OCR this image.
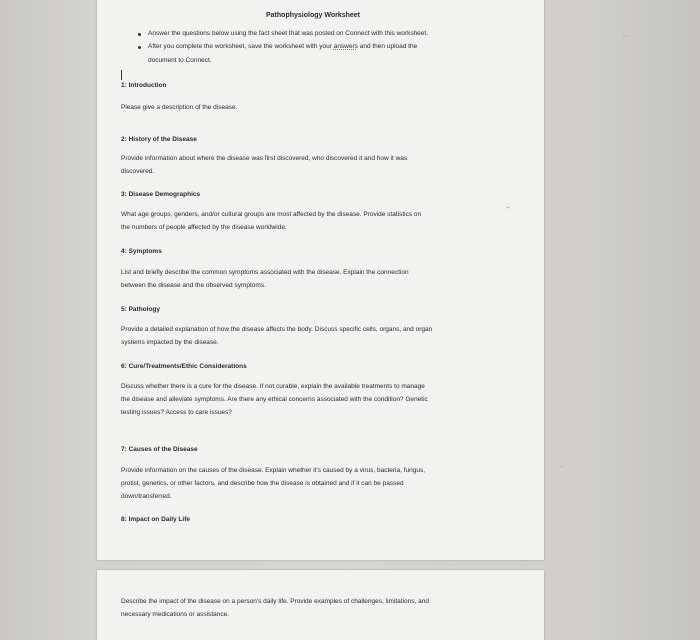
Pathophysiology Worksheet
Answer the questions below using the fact sheet that was posted on Connect with this worksheet.
After you complete the worksheet, save the worksheet with your answers and then upload the
document to Connect.
1: Introduction
Please give a description of the disease.
2: History of the Disease
Provide information about where the disease was first discovered, who discovered it and how it was
discovered.
3: Disease Demographics
What age groups, genders, and/or cultural groups are most affected by the disease. Provide statistics on
the numbers of people affected by the disease worldwide.
4: Symptoms
List and briefly describe the common symptoms associated with the disease. Explain the connection
between the disease and the observed symptoms.
5: Pathology
Provide a detailed explanation of how the disease affects the body. Discuss specific cells, organs, and organ
systems impacted by the disease.
6: Cure/Treatments/Ethic Considerations
Discuss whether there is a cure for the disease. If not curable, explain the available treatments to manage
the disease and alleviate symptoms. Are there any ethical concerns associated with the condition? Genetic
testing issues? Access to care issues?
7: Causes of the Disease
Provide information on the causes of the disease. Explain whether it's caused by a virus, bacteria, fungus,
protist, genetics, or other factors, and describe how the disease is obtained and if it can be passed
down/transferred.
8: Impact on Daily Life
Describe the impact of the disease on a person's daily life. Provide examples of challenges, limitations, and
necessary medications or assistance.
